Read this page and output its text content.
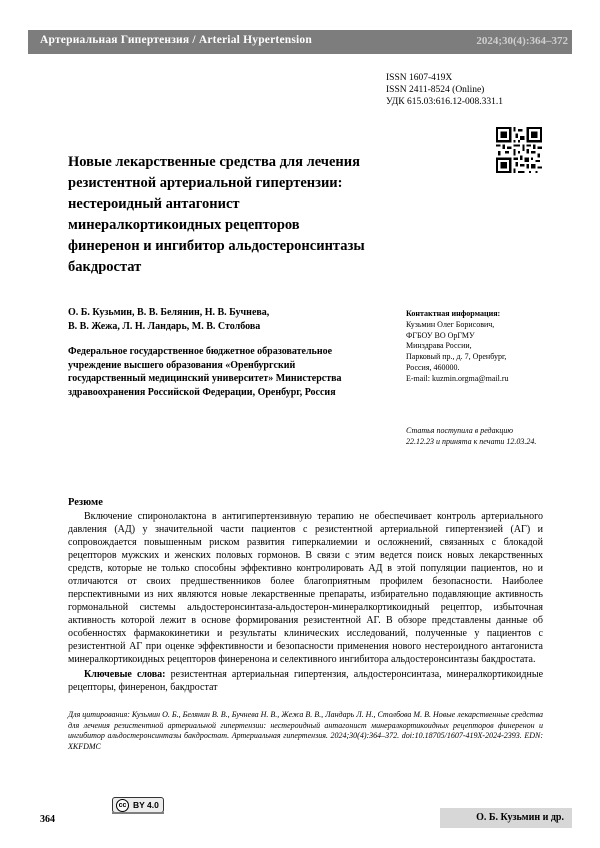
Артериальная Гипертензия / Arterial Hypertension	2024;30(4):364–372
ISSN 1607-419X
ISSN 2411-8524 (Online)
УДК 615.03:616.12-008.331.1
Новые лекарственные средства для лечения резистентной артериальной гипертензии: нестероидный антагонист минералкортикоидных рецепторов финеренон и ингибитор альдостеронсинтазы бакдростат
О. Б. Кузьмин, В. В. Белянин, Н. В. Бучнева,
В. В. Жежа, Л. Н. Ландарь, М. В. Столбова
Федеральное государственное бюджетное образовательное учреждение высшего образования «Оренбургский государственный медицинский университет» Министерства здравоохранения Российской Федерации, Оренбург, Россия
Контактная информация:
Кузьмин Олег Борисович,
ФГБОУ ВО ОрГМУ
Минздрава России,
Парковый пр., д. 7, Оренбург,
Россия, 460000.
E-mail: kuzmin.orgma@mail.ru
Статья поступила в редакцию
22.12.23 и принята к печати 12.03.24.
Резюме
Включение спиронолактона в антигипертензивную терапию не обеспечивает контроль артериального давления (АД) у значительной части пациентов с резистентной артериальной гипертензией (АГ) и сопровождается повышенным риском развития гиперкалиемии и осложнений, связанных с блокадой рецепторов мужских и женских половых гормонов. В связи с этим ведется поиск новых лекарственных средств, которые не только способны эффективно контролировать АД в этой популяции пациентов, но и отличаются от своих предшественников более благоприятным профилем безопасности. Наиболее перспективными из них являются новые лекарственные препараты, избирательно подавляющие активность гормональной системы альдостеронсинтаза-альдостерон-минералкортикоидный рецептор, избыточная активность которой лежит в основе формирования резистентной АГ. В обзоре представлены данные об особенностях фармакокинетики и результаты клинических исследований, полученные у пациентов с резистентной АГ при оценке эффективности и безопасности применения нового нестероидного антагониста минералкортикоидных рецепторов финеренона и селективного ингибитора альдостеронсинтазы бакдростата.
Ключевые слова: резистентная артериальная гипертензия, альдостеронсинтаза, минералкортикоидные рецепторы, финеренон, бакдростат
Для цитирования: Кузьмин О. Б., Белянин В. В., Бучнева Н. В., Жежа В. В., Ландарь Л. Н., Столбова М. В. Новые лекарственные средства для лечения резистентной артериальной гипертензии: нестероидный антагонист минералкортикоидных рецепторов финеренон и ингибитор альдостеронсинтазы бакдростат. Артериальная гипертензия. 2024;30(4):364–372. doi:10.18705/1607-419X-2024-2393. EDN: XKFDMC
364
cc BY 4.0
О. Б. Кузьмин и др.
